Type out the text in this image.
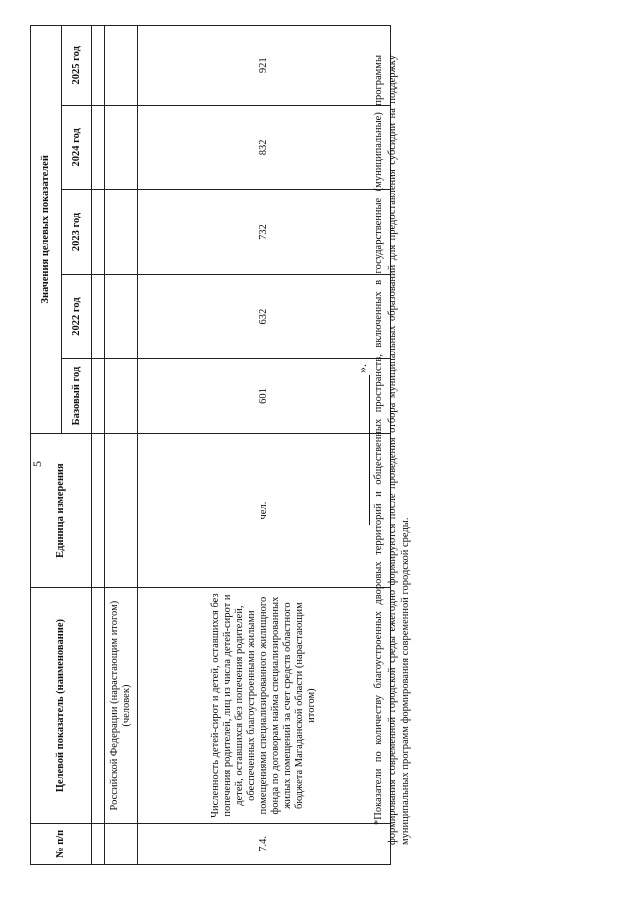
5
№ п/п	Целевой показатель (наименование)	Единица измерения	Значения целевых показателей				
			Базовый год	2022 год	2023 год	2024 год	2025 год

	Российской Федерации (нарастающим итогом) (человек)						
7.4.	Численность детей-сирот и детей, оставшихся без попечения родителей, лиц из числа детей-сирот и детей, оставшихся без попечения родителей, обеспеченных благоустроенными жилыми помещениями специализированного жилищного фонда по договорам найма специализированных жилых помещений за счет средств областного бюджета Магаданской области (нарастающим итогом)	чел.	601	632	732	832	921
». *Показатели по количеству благоустроенных дворовых территорий и общественных пространств, включенных в государственные (муниципальные) программы формирования современной городской среды ежегодно формируются после проведения отбора муниципальных образований для предоставления субсидии на поддержку муниципальных программ формирования современной городской среды.
